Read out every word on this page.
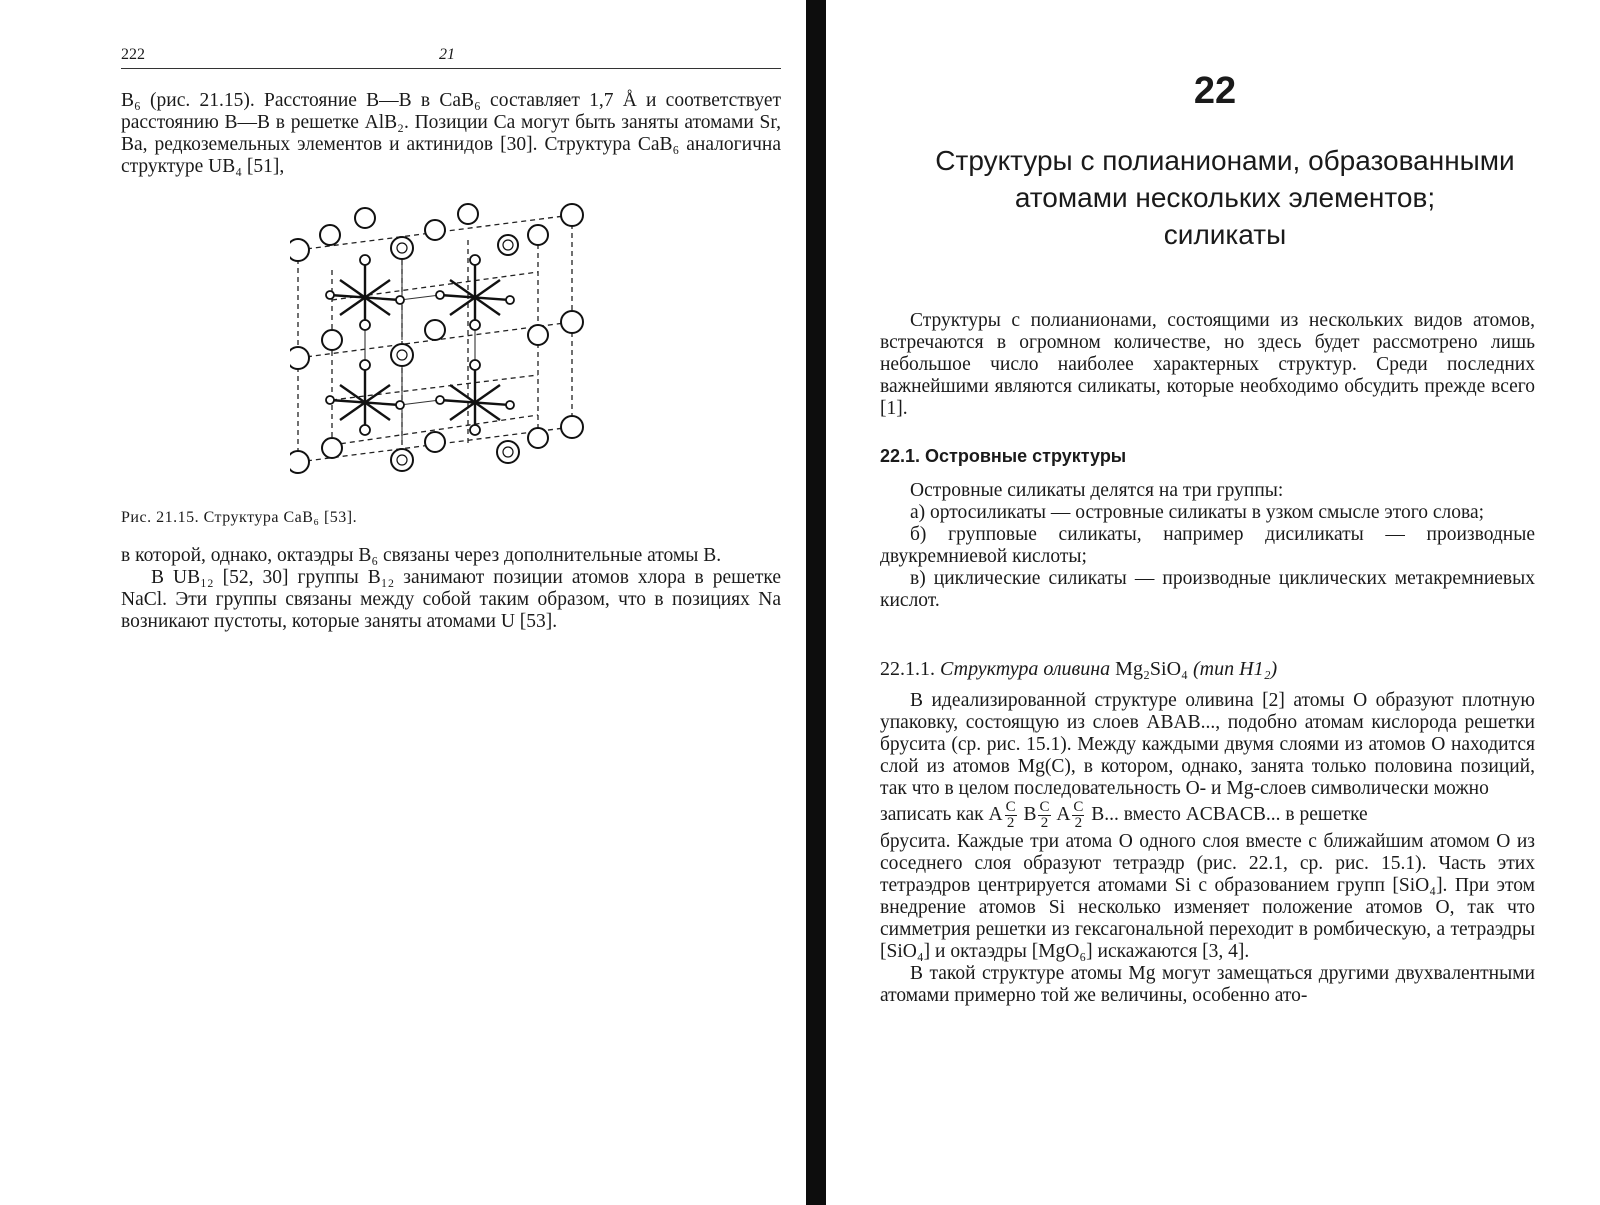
222	21

B₆ (рис. 21.15). Расстояние B—B в CaB₆ составляет 1,7 Å и соответствует расстоянию B—B в решетке AlB₂. Позиции Ca могут быть заняты атомами Sr, Ba, редкоземельных элементов и актинидов [30]. Структура CaB₆ аналогична структуре UB₄ [51],

Рис. 21.15. Структура CaB₆ [53].

в которой, однако, октаэдры B₆ связаны через дополнительные атомы B.

В UB₁₂ [52, 30] группы B₁₂ занимают позиции атомов хлора в решетке NaCl. Эти группы связаны между собой таким образом, что в позициях Na возникают пустоты, которые заняты атомами U [53].

22
Структуры с полианионами, образованными
атомами нескольких элементов;
силикаты

Структуры с полианионами, состоящими из нескольких видов атомов, встречаются в огромном количестве, но здесь будет рассмотрено лишь небольшое число наиболее характерных структур. Среди последних важнейшими являются силикаты, которые необходимо обсудить прежде всего [1].

22.1. Островные структуры

Островные силикаты делятся на три группы:

а) ортосиликаты — островные силикаты в узком смысле этого слова;

б) групповые силикаты, например дисиликаты — производные двукремниевой кислоты;

в) циклические силикаты — производные циклических метакремниевых кислот.

22.1.1. Структура оливина Mg₂SiO₄ (тип H1₂)

В идеализированной структуре оливина [2] атомы O образуют плотную упаковку, состоящую из слоев ABAB..., подобно атомам кислорода решетки брусита (ср. рис. 15.1). Между каждыми двумя слоями из атомов O находится слой из атомов Mg(C), в котором, однако, занята только половина позиций, так что в целом последовательность O- и Mg-слоев символически можно

записать как A $\frac{C}{2}$ B $\frac{C}{2}$ A $\frac{C}{2} B$... вместо ACBACB... в решетке

брусита. Каждые три атома O одного слоя вместе с ближайшим атомом O из соседнего слоя образуют тетраэдр (рис. 22.1, ср. рис. 15.1). Часть этих тетраэдров центрируется атомами Si с образованием групп [SiO₄]. При этом внедрение атомов Si несколько изменяет положение атомов O, так что симметрия решетки из гексагональной переходит в ромбическую, а тетраэдры [SiO₄] и октаэдры [MgO₆] искажаются [3, 4].

В такой структуре атомы Mg могут замещаться другими двухвалентными атомами примерно той же величины, особенно ато-
